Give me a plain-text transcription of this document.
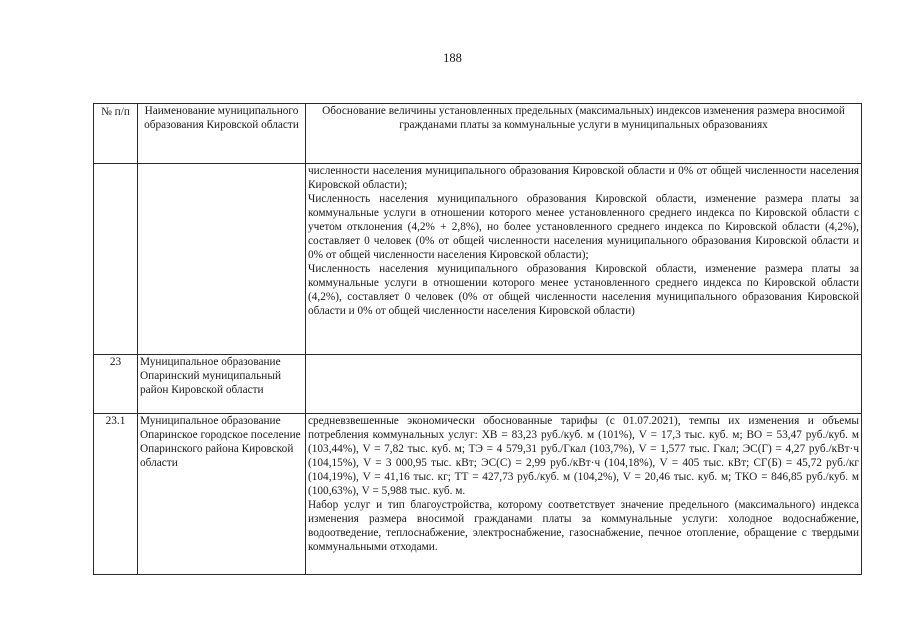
188
№ п/п	Наименование муниципального образования Кировской области	Обоснование величины установленных предельных (максимальных) индексов изменения размера вносимой гражданами платы за коммунальные услуги в муниципальных образованиях

		численности населения муниципального образования Кировской области и 0% от общей численности населения Кировской области);

Численность населения муниципального образования Кировской области, изменение размера платы за коммунальные услуги в отношении которого менее установленного среднего индекса по Кировской области с учетом отклонения (4,2% + 2,8%), но более установленного среднего индекса по Кировской области (4,2%), составляет 0 человек (0% от общей численности населения муниципального образования Кировской области и 0% от общей численности населения Кировской области);

Численность населения муниципального образования Кировской области, изменение размера платы за коммунальные услуги в отношении которого менее установленного среднего индекса по Кировской области (4,2%), составляет 0 человек (0% от общей численности населения муниципального образования Кировской области и 0% от общей численности населения Кировской области)

23	Муниципальное образование Опаринский муниципальный район Кировской области	
23.1	Муниципальное образование Опаринское городское поселение Опаринского района Кировской области	средневзвешенные экономически обоснованные тарифы (с 01.07.2021), темпы их изменения и объемы потребления коммунальных услуг: ХВ = 83,23 руб./куб. м (101%), V = 17,3 тыс. куб. м; ВО = 53,47 руб./куб. м (103,44%), V = 7,82 тыс. куб. м; ТЭ = 4 579,31 руб./Гкал (103,7%), V = 1,577 тыс. Гкал; ЭС(Г) = 4,27 руб./кВт·ч (104,15%), V = 3 000,95 тыс. кВт; ЭС(С) = 2,99 руб./кВт·ч (104,18%), V = 405 тыс. кВт; СГ(Б) = 45,72 руб./кг (104,19%), V = 41,16 тыс. кг; ТТ = 427,73 руб./куб. м (104,2%), V = 20,46 тыс. куб. м; ТКО = 846,85 руб./куб. м (100,63%), V = 5,988 тыс. куб. м.

Набор услуг и тип благоустройства, которому соответствует значение предельного (максимального) индекса изменения размера вносимой гражданами платы за коммунальные услуги: холодное водоснабжение, водоотведение, теплоснабжение, электроснабжение, газоснабжение, печное отопление, обращение с твердыми коммунальными отходами.
